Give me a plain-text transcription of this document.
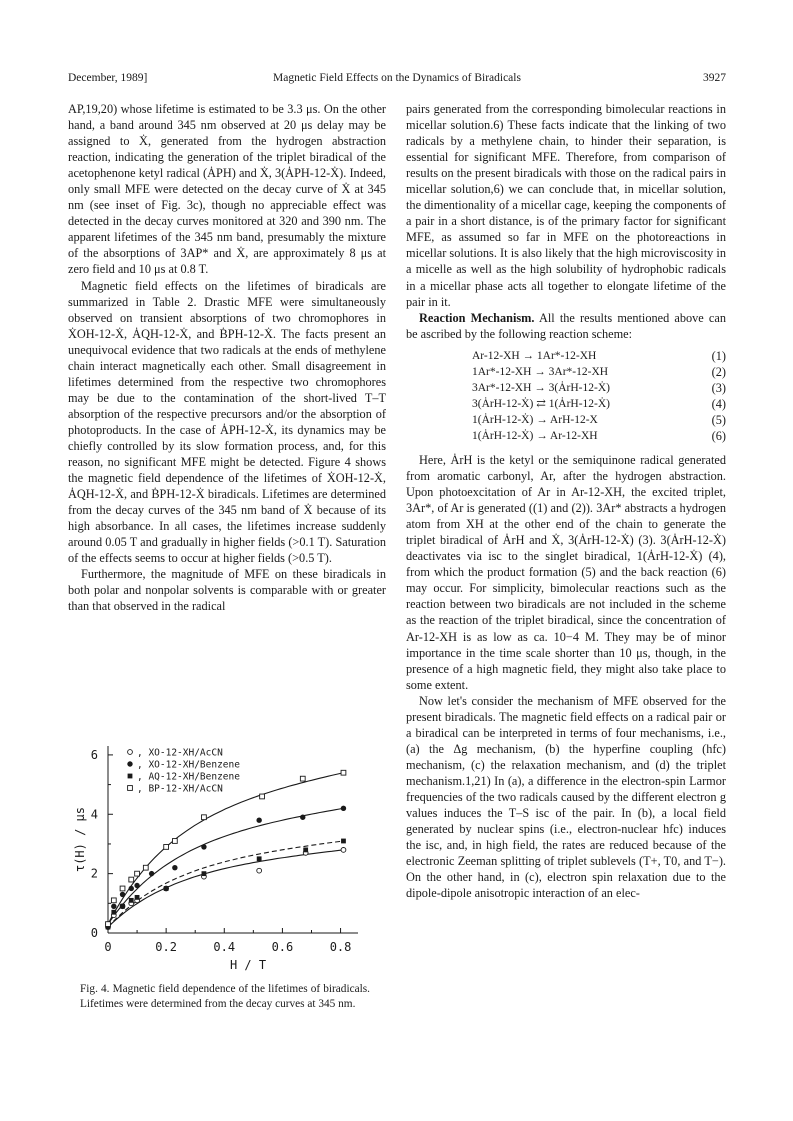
December, 1989]	Magnetic Field Effects on the Dynamics of Biradicals	3927

AP,19,20) whose lifetime is estimated to be 3.3 μs. On the other hand, a band around 345 nm observed at 20 μs delay may be assigned to Ẋ, generated from the hydrogen abstraction reaction, indicating the generation of the triplet biradical of the acetophenone ketyl radical (ȦPH) and Ẋ, 3(ȦPH-12-Ẋ). Indeed, only small MFE were detected on the decay curve of Ẋ at 345 nm (see inset of Fig. 3c), though no appreciable effect was detected in the decay curves monitored at 320 and 390 nm. The apparent lifetimes of the 345 nm band, presumably the mixture of the absorptions of 3AP* and Ẋ, are approximately 8 μs at zero field and 10 μs at 0.8 T.

Magnetic field effects on the lifetimes of biradicals are summarized in Table 2. Drastic MFE were simultaneously observed on transient absorptions of two chromophores in ẊOH-12-Ẋ, ȦQH-12-Ẋ, and ḂPH-12-Ẋ. The facts present an unequivocal evidence that two radicals at the ends of methylene chain interact magnetically each other. Small disagreement in lifetimes determined from the respective two chromophores may be due to the contamination of the short-lived T–T absorption of the respective precursors and/or the absorption of photoproducts. In the case of ȦPH-12-Ẋ, its dynamics may be chiefly controlled by its slow formation process, and, for this reason, no significant MFE might be detected. Figure 4 shows the magnetic field dependence of the lifetimes of ẊOH-12-Ẋ, ȦQH-12-Ẋ, and ḂPH-12-Ẋ biradicals. Lifetimes are determined from the decay curves of the 345 nm band of Ẋ because of its high absorbance. In all cases, the lifetimes increase suddenly around 0.05 T and gradually in higher fields (>0.1 T). Saturation of the effects seems to occur at higher fields (>0.5 T).

Furthermore, the magnitude of MFE on these biradicals in both polar and nonpolar solvents is comparable with or greater than that observed in the radical

pairs generated from the corresponding bimolecular reactions in micellar solution.6) These facts indicate that the linking of two radicals by a methylene chain, to hinder their separation, is essential for significant MFE. Therefore, from comparison of results on the present biradicals with those on the radical pairs in micellar solution,6) we can conclude that, in micellar solution, the dimentionality of a micellar cage, keeping the components of a pair in a short distance, is of the primary factor for significant MFE, as assumed so far in MFE on the photoreactions in micellar solutions. It is also likely that the high microviscosity in a micelle as well as the high solubility of hydrophobic radicals in a micellar phase acts all together to elongate lifetime of the pair in it.

Reaction Mechanism. All the results mentioned above can be ascribed by the following reaction scheme:

Ar-12-XH → 1Ar*-12-XH	(1)
1Ar*-12-XH → 3Ar*-12-XH	(2)
3Ar*-12-XH → 3(ȦrH-12-Ẋ)	(3)
3(ȦrH-12-Ẋ) ⇄ 1(ȦrH-12-Ẋ)	(4)
1(ȦrH-12-Ẋ) → ArH-12-X	(5)
1(ȦrH-12-Ẋ) → Ar-12-XH	(6)

Here, ȦrH is the ketyl or the semiquinone radical generated from aromatic carbonyl, Ar, after the hydrogen abstraction. Upon photoexcitation of Ar in Ar-12-XH, the excited triplet, 3Ar*, of Ar is generated ((1) and (2)). 3Ar* abstracts a hydrogen atom from XH at the other end of the chain to generate the triplet biradical of ȦrH and Ẋ, 3(ȦrH-12-Ẋ) (3). 3(ȦrH-12-Ẋ) deactivates via isc to the singlet biradical, 1(ȦrH-12-Ẋ) (4), from which the product formation (5) and the back reaction (6) may occur. For simplicity, bimolecular reactions such as the reaction between two biradicals are not included in the scheme as the reaction of the triplet biradical, since the concentration of Ar-12-XH is as low as ca. 10−4 M. They may be of minor importance in the time scale shorter than 10 μs, though, in the presence of a high magnetic field, they might also take place to some extent.

Now let's consider the mechanism of MFE observed for the present biradicals. The magnetic field effects on a radical pair or a biradical can be interpreted in terms of four mechanisms, i.e., (a) the Δg mechanism, (b) the hyperfine coupling (hfc) mechanism, (c) the relaxation mechanism, and (d) the triplet mechanism.1,21) In (a), a difference in the electron-spin Larmor frequencies of the two radicals caused by the different electron g values induces the T–S isc of the pair. In (b), a local field generated by nuclear spins (i.e., electron-nuclear hfc) induces the isc, and, in high field, the rates are reduced because of the electronic Zeeman splitting of triplet sublevels (T+, T0, and T−). On the other hand, in (c), electron spin relaxation due to the dipole-dipole anisotropic interaction of an elec-

0	0.2	0.4	0.6	0.8
0
2
4
6
H / T
τ(H) / μs
, XO-12-XH/AcCN
, XO-12-XH/Benzene
, AQ-12-XH/Benzene
, BP-12-XH/AcCN
Fig. 4. Magnetic field dependence of the lifetimes of biradicals. Lifetimes were determined from the decay curves at 345 nm.
